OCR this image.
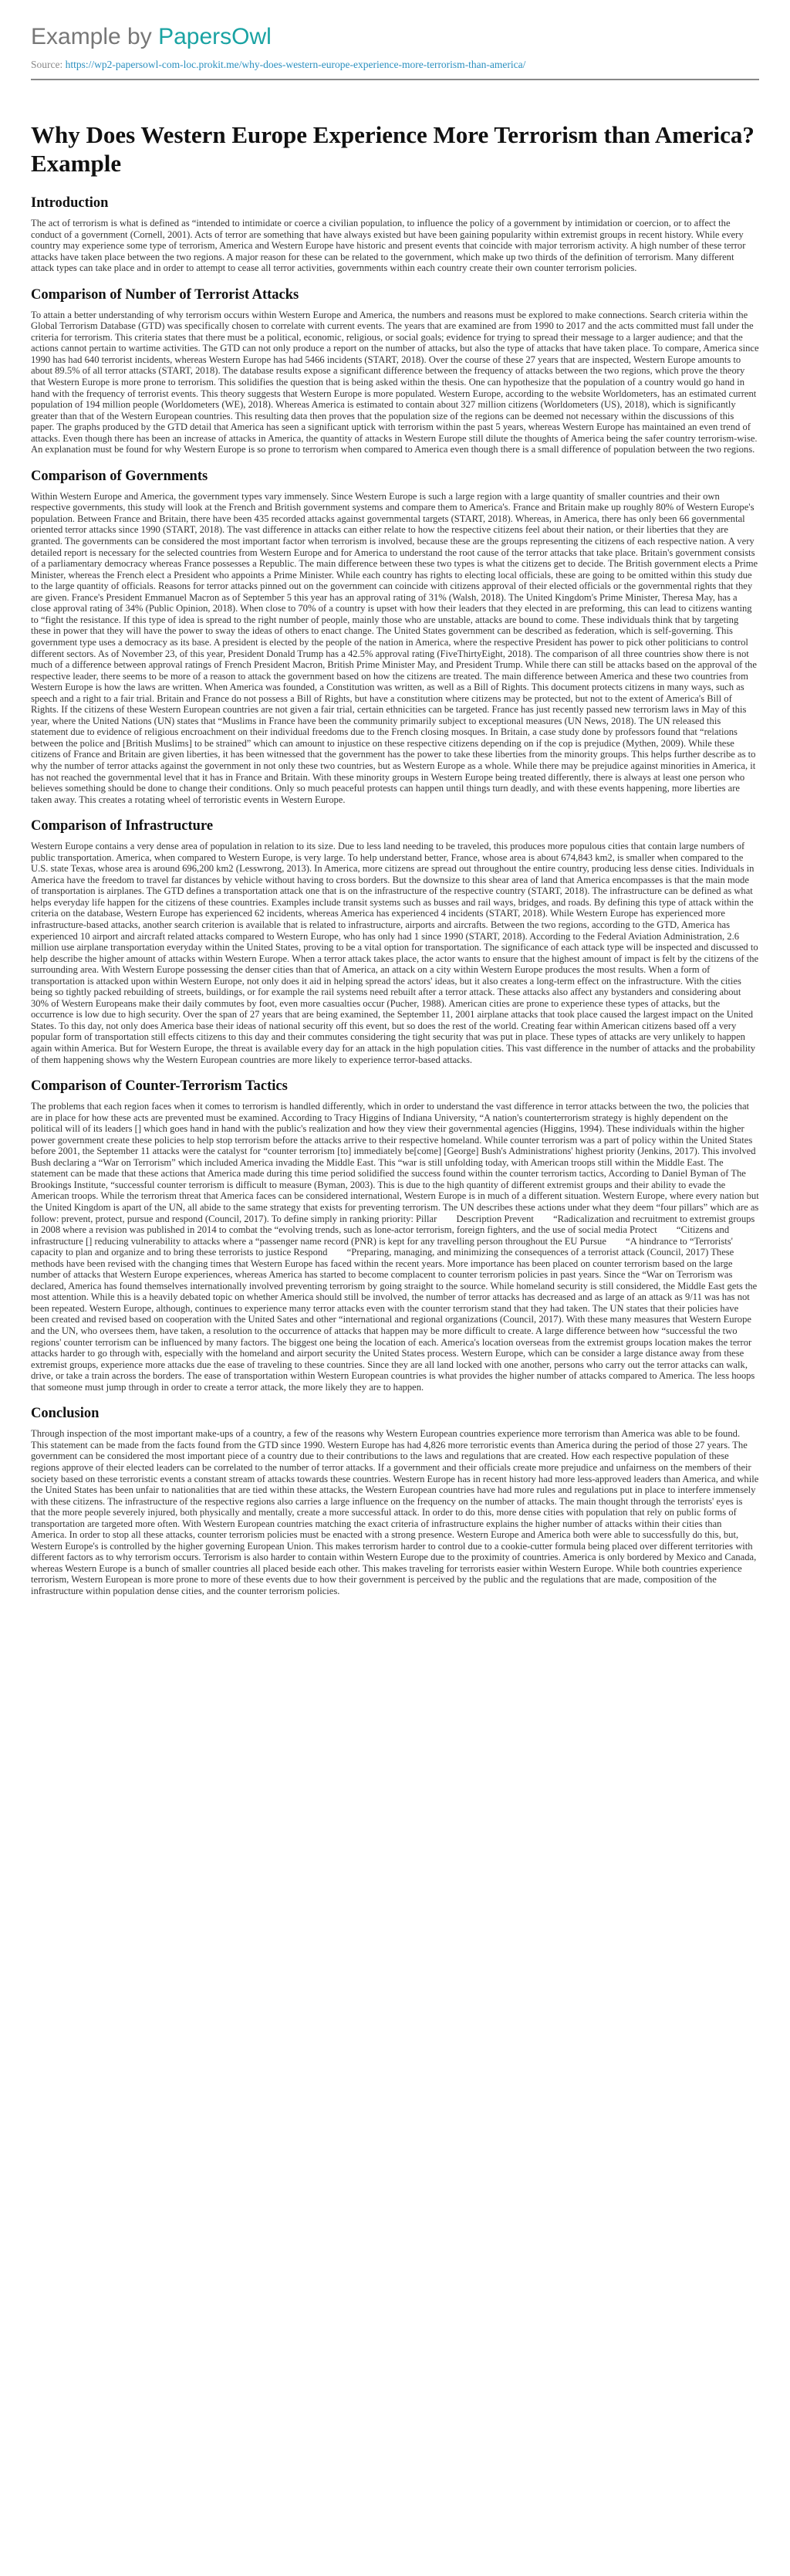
Example by PapersOwl
Source: https://wp2-papersowl-com-loc.prokit.me/why-does-western-europe-experience-more-terrorism-than-america/
Why Does Western Europe Experience More Terrorism than America? Example
Introduction

The act of terrorism is what is defined as “intended to intimidate or coerce a civilian population, to influence the policy of a government by intimidation or coercion, or to affect the conduct of a government (Cornell, 2001). Acts of terror are something that have always existed but have been gaining popularity within extremist groups in recent history. While every country may experience some type of terrorism, America and Western Europe have historic and present events that coincide with major terrorism activity. A high number of these terror attacks have taken place between the two regions. A major reason for these can be related to the government, which make up two thirds of the definition of terrorism. Many different attack types can take place and in order to attempt to cease all terror activities, governments within each country create their own counter terrorism policies.

Comparison of Number of Terrorist Attacks

To attain a better understanding of why terrorism occurs within Western Europe and America, the numbers and reasons must be explored to make connections. Search criteria within the Global Terrorism Database (GTD) was specifically chosen to correlate with current events. The years that are examined are from 1990 to 2017 and the acts committed must fall under the criteria for terrorism. This criteria states that there must be a political, economic, religious, or social goals; evidence for trying to spread their message to a larger audience; and that the actions cannot pertain to wartime activities. The GTD can not only produce a report on the number of attacks, but also the type of attacks that have taken place. To compare, America since 1990 has had 640 terrorist incidents, whereas Western Europe has had 5466 incidents (START, 2018). Over the course of these 27 years that are inspected, Western Europe amounts to about 89.5% of all terror attacks (START, 2018). The database results expose a significant difference between the frequency of attacks between the two regions, which prove the theory that Western Europe is more prone to terrorism. This solidifies the question that is being asked within the thesis. One can hypothesize that the population of a country would go hand in hand with the frequency of terrorist events. This theory suggests that Western Europe is more populated. Western Europe, according to the website Worldometers, has an estimated current population of 194 million people (Worldometers (WE), 2018). Whereas America is estimated to contain about 327 million citizens (Worldometers (US), 2018), which is significantly greater than that of the Western European countries. This resulting data then proves that the population size of the regions can be deemed not necessary within the discussions of this paper. The graphs produced by the GTD detail that America has seen a significant uptick with terrorism within the past 5 years, whereas Western Europe has maintained an even trend of attacks. Even though there has been an increase of attacks in America, the quantity of attacks in Western Europe still dilute the thoughts of America being the safer country terrorism-wise. An explanation must be found for why Western Europe is so prone to terrorism when compared to America even though there is a small difference of population between the two regions.

Comparison of Governments

Within Western Europe and America, the government types vary immensely. Since Western Europe is such a large region with a large quantity of smaller countries and their own respective governments, this study will look at the French and British government systems and compare them to America's. France and Britain make up roughly 80% of Western Europe's population. Between France and Britain, there have been 435 recorded attacks against governmental targets (START, 2018). Whereas, in America, there has only been 66 governmental oriented terror attacks since 1990 (START, 2018). The vast difference in attacks can either relate to how the respective citizens feel about their nation, or their liberties that they are granted. The governments can be considered the most important factor when terrorism is involved, because these are the groups representing the citizens of each respective nation. A very detailed report is necessary for the selected countries from Western Europe and for America to understand the root cause of the terror attacks that take place. Britain's government consists of a parliamentary democracy whereas France possesses a Republic. The main difference between these two types is what the citizens get to decide. The British government elects a Prime Minister, whereas the French elect a President who appoints a Prime Minister. While each country has rights to electing local officials, these are going to be omitted within this study due to the large quantity of officials. Reasons for terror attacks pinned out on the government can coincide with citizens approval of their elected officials or the governmental rights that they are given. France's President Emmanuel Macron as of September 5 this year has an approval rating of 31% (Walsh, 2018). The United Kingdom's Prime Minister, Theresa May, has a close approval rating of 34% (Public Opinion, 2018). When close to 70% of a country is upset with how their leaders that they elected in are preforming, this can lead to citizens wanting to “fight the resistance. If this type of idea is spread to the right number of people, mainly those who are unstable, attacks are bound to come. These individuals think that by targeting these in power that they will have the power to sway the ideas of others to enact change. The United States government can be described as federation, which is self-governing. This government type uses a democracy as its base. A president is elected by the people of the nation in America, where the respective President has power to pick other politicians to control different sectors. As of November 23, of this year, President Donald Trump has a 42.5% approval rating (FiveThirtyEight, 2018). The comparison of all three countries show there is not much of a difference between approval ratings of French President Macron, British Prime Minister May, and President Trump. While there can still be attacks based on the approval of the respective leader, there seems to be more of a reason to attack the government based on how the citizens are treated. The main difference between America and these two countries from Western Europe is how the laws are written. When America was founded, a Constitution was written, as well as a Bill of Rights. This document protects citizens in many ways, such as speech and a right to a fair trial. Britain and France do not possess a Bill of Rights, but have a constitution where citizens may be protected, but not to the extent of America's Bill of Rights. If the citizens of these Western European countries are not given a fair trial, certain ethnicities can be targeted. France has just recently passed new terrorism laws in May of this year, where the United Nations (UN) states that “Muslims in France have been the community primarily subject to exceptional measures (UN News, 2018). The UN released this statement due to evidence of religious encroachment on their individual freedoms due to the French closing mosques. In Britain, a case study done by professors found that “relations between the police and [British Muslims] to be strained” which can amount to injustice on these respective citizens depending on if the cop is prejudice (Mythen, 2009). While these citizens of France and Britain are given liberties, it has been witnessed that the government has the power to take these liberties from the minority groups. This helps further describe as to why the number of terror attacks against the government in not only these two countries, but as Western Europe as a whole. While there may be prejudice against minorities in America, it has not reached the governmental level that it has in France and Britain. With these minority groups in Western Europe being treated differently, there is always at least one person who believes something should be done to change their conditions. Only so much peaceful protests can happen until things turn deadly, and with these events happening, more liberties are taken away. This creates a rotating wheel of terroristic events in Western Europe.

Comparison of Infrastructure

Western Europe contains a very dense area of population in relation to its size. Due to less land needing to be traveled, this produces more populous cities that contain large numbers of public transportation. America, when compared to Western Europe, is very large. To help understand better, France, whose area is about 674,843 km2, is smaller when compared to the U.S. state Texas, whose area is around 696,200 km2 (Lesswrong, 2013). In America, more citizens are spread out throughout the entire country, producing less dense cities. Individuals in America have the freedom to travel far distances by vehicle without having to cross borders. But the downsize to this shear area of land that America encompasses is that the main mode of transportation is airplanes. The GTD defines a transportation attack one that is on the infrastructure of the respective country (START, 2018). The infrastructure can be defined as what helps everyday life happen for the citizens of these countries. Examples include transit systems such as busses and rail ways, bridges, and roads. By defining this type of attack within the criteria on the database, Western Europe has experienced 62 incidents, whereas America has experienced 4 incidents (START, 2018). While Western Europe has experienced more infrastructure-based attacks, another search criterion is available that is related to infrastructure, airports and aircrafts. Between the two regions, according to the GTD, America has experienced 10 airport and aircraft related attacks compared to Western Europe, who has only had 1 since 1990 (START, 2018). According to the Federal Aviation Administration, 2.6 million use airplane transportation everyday within the United States, proving to be a vital option for transportation. The significance of each attack type will be inspected and discussed to help describe the higher amount of attacks within Western Europe. When a terror attack takes place, the actor wants to ensure that the highest amount of impact is felt by the citizens of the surrounding area. With Western Europe possessing the denser cities than that of America, an attack on a city within Western Europe produces the most results. When a form of transportation is attacked upon within Western Europe, not only does it aid in helping spread the actors' ideas, but it also creates a long-term effect on the infrastructure. With the cities being so tightly packed rebuilding of streets, buildings, or for example the rail systems need rebuilt after a terror attack. These attacks also affect any bystanders and considering about 30% of Western Europeans make their daily commutes by foot, even more casualties occur (Pucher, 1988). American cities are prone to experience these types of attacks, but the occurrence is low due to high security. Over the span of 27 years that are being examined, the September 11, 2001 airplane attacks that took place caused the largest impact on the United States. To this day, not only does America base their ideas of national security off this event, but so does the rest of the world. Creating fear within American citizens based off a very popular form of transportation still effects citizens to this day and their commutes considering the tight security that was put in place. These types of attacks are very unlikely to happen again within America. But for Western Europe, the threat is available every day for an attack in the high population cities. This vast difference in the number of attacks and the probability of them happening shows why the Western European countries are more likely to experience terror-based attacks.

Comparison of Counter-Terrorism Tactics

The problems that each region faces when it comes to terrorism is handled differently, which in order to understand the vast difference in terror attacks between the two, the policies that are in place for how these acts are prevented must be examined. According to Tracy Higgins of Indiana University, “A nation's counterterrorism strategy is highly dependent on the political will of its leaders [] which goes hand in hand with the public's realization and how they view their governmental agencies (Higgins, 1994). These individuals within the higher power government create these policies to help stop terrorism before the attacks arrive to their respective homeland. While counter terrorism was a part of policy within the United States before 2001, the September 11 attacks were the catalyst for “counter terrorism [to] immediately be[come] [George] Bush's Administrations' highest priority (Jenkins, 2017). This involved Bush declaring a “War on Terrorism” which included America invading the Middle East. This “war is still unfolding today, with American troops still within the Middle East. The statement can be made that these actions that America made during this time period solidified the success found within the counter terrorism tactics, According to Daniel Byman of The Brookings Institute, “successful counter terrorism is difficult to measure (Byman, 2003). This is due to the high quantity of different extremist groups and their ability to evade the American troops. While the terrorism threat that America faces can be considered international, Western Europe is in much of a different situation. Western Europe, where every nation but the United Kingdom is apart of the UN, all abide to the same strategy that exists for preventing terrorism. The UN describes these actions under what they deem “four pillars” which are as follow: prevent, protect, pursue and respond (Council, 2017). To define simply in ranking priority: Pillar  Description Prevent  “Radicalization and recruitment to extremist groups in 2008 where a revision was published in 2014 to combat the “evolving trends, such as lone-actor terrorism, foreign fighters, and the use of social media Protect  “Citizens and infrastructure [] reducing vulnerability to attacks where a “passenger name record (PNR) is kept for any travelling person throughout the EU Pursue  “A hindrance to “Terrorists' capacity to plan and organize and to bring these terrorists to justice Respond  “Preparing, managing, and minimizing the consequences of a terrorist attack (Council, 2017) These methods have been revised with the changing times that Western Europe has faced within the recent years. More importance has been placed on counter terrorism based on the large number of attacks that Western Europe experiences, whereas America has started to become complacent to counter terrorism policies in past years. Since the “War on Terrorism was declared, America has found themselves internationally involved preventing terrorism by going straight to the source. While homeland security is still considered, the Middle East gets the most attention. While this is a heavily debated topic on whether America should still be involved, the number of terror attacks has decreased and as large of an attack as 9/11 was has not been repeated. Western Europe, although, continues to experience many terror attacks even with the counter terrorism stand that they had taken. The UN states that their policies have been created and revised based on cooperation with the United Sates and other “international and regional organizations (Council, 2017). With these many measures that Western Europe and the UN, who oversees them, have taken, a resolution to the occurrence of attacks that happen may be more difficult to create. A large difference between how “successful the two regions' counter terrorism can be influenced by many factors. The biggest one being the location of each. America's location overseas from the extremist groups location makes the terror attacks harder to go through with, especially with the homeland and airport security the United States process. Western Europe, which can be consider a large distance away from these extremist groups, experience more attacks due the ease of traveling to these countries. Since they are all land locked with one another, persons who carry out the terror attacks can walk, drive, or take a train across the borders. The ease of transportation within Western European countries is what provides the higher number of attacks compared to America. The less hoops that someone must jump through in order to create a terror attack, the more likely they are to happen.

Conclusion

Through inspection of the most important make-ups of a country, a few of the reasons why Western European countries experience more terrorism than America was able to be found. This statement can be made from the facts found from the GTD since 1990. Western Europe has had 4,826 more terroristic events than America during the period of those 27 years. The government can be considered the most important piece of a country due to their contributions to the laws and regulations that are created. How each respective population of these regions approve of their elected leaders can be correlated to the number of terror attacks. If a government and their officials create more prejudice and unfairness on the members of their society based on these terroristic events a constant stream of attacks towards these countries. Western Europe has in recent history had more less-approved leaders than America, and while the United States has been unfair to nationalities that are tied within these attacks, the Western European countries have had more rules and regulations put in place to interfere immensely with these citizens. The infrastructure of the respective regions also carries a large influence on the frequency on the number of attacks. The main thought through the terrorists' eyes is that the more people severely injured, both physically and mentally, create a more successful attack. In order to do this, more dense cities with population that rely on public forms of transportation are targeted more often. With Western European countries matching the exact criteria of infrastructure explains the higher number of attacks within their cities than America. In order to stop all these attacks, counter terrorism policies must be enacted with a strong presence. Western Europe and America both were able to successfully do this, but, Western Europe's is controlled by the higher governing European Union. This makes terrorism harder to control due to a cookie-cutter formula being placed over different territories with different factors as to why terrorism occurs. Terrorism is also harder to contain within Western Europe due to the proximity of countries. America is only bordered by Mexico and Canada, whereas Western Europe is a bunch of smaller countries all placed beside each other. This makes traveling for terrorists easier within Western Europe. While both countries experience terrorism, Western European is more prone to more of these events due to how their government is perceived by the public and the regulations that are made, composition of the infrastructure within population dense cities, and the counter terrorism policies.
